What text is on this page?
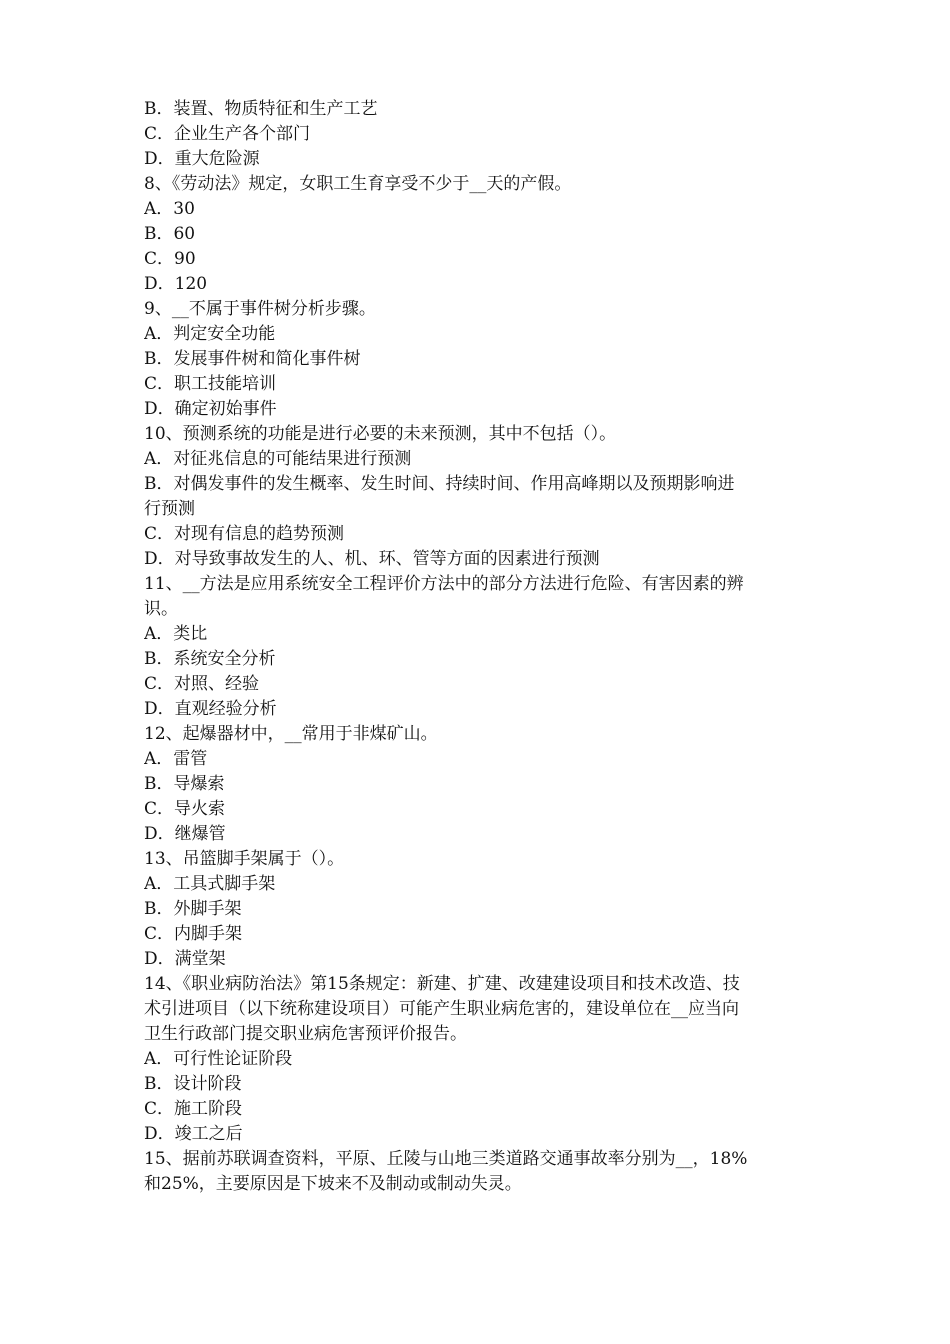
B．装置、物质特征和生产工艺
C．企业生产各个部门
D．重大危险源
8、《劳动法》规定，女职工生育享受不少于__天的产假。
A．30
B．60
C．90
D．120
9、__不属于事件树分析步骤。
A．判定安全功能
B．发展事件树和简化事件树
C．职工技能培训
D．确定初始事件
10、预测系统的功能是进行必要的未来预测，其中不包括（）。
A．对征兆信息的可能结果进行预测
B．对偶发事件的发生概率、发生时间、持续时间、作用高峰期以及预期影响进
行预测
C．对现有信息的趋势预测
D．对导致事故发生的人、机、环、管等方面的因素进行预测
11、__方法是应用系统安全工程评价方法中的部分方法进行危险、有害因素的辨
识。
A．类比
B．系统安全分析
C．对照、经验
D．直观经验分析
12、起爆器材中，__常用于非煤矿山。
A．雷管
B．导爆索
C．导火索
D．继爆管
13、吊篮脚手架属于（）。
A．工具式脚手架
B．外脚手架
C．内脚手架
D．满堂架
14、《职业病防治法》第15条规定：新建、扩建、改建建设项目和技术改造、技
术引进项目（以下统称建设项目）可能产生职业病危害的，建设单位在__应当向
卫生行政部门提交职业病危害预评价报告。
A．可行性论证阶段
B．设计阶段
C．施工阶段
D．竣工之后
15、据前苏联调查资料，平原、丘陵与山地三类道路交通事故率分别为__，18%
和25%，主要原因是下坡来不及制动或制动失灵。
